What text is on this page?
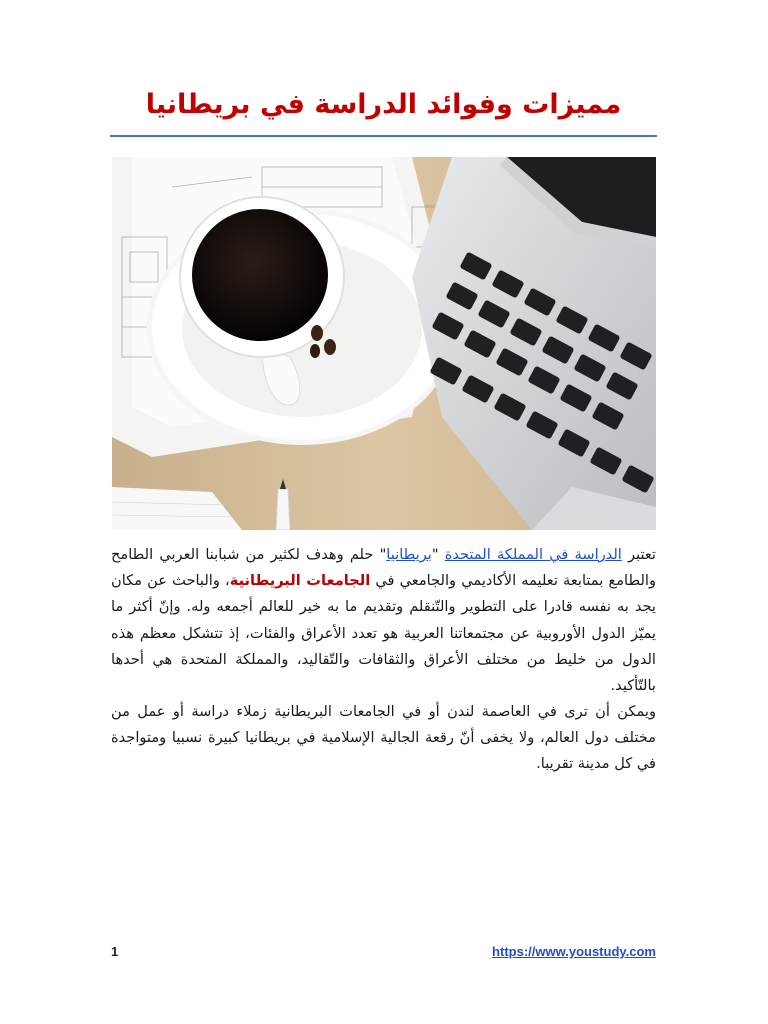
مميزات وفوائد الدراسة في بريطانيا

تعتبر الدراسة في المملكة المتحدة "بريطانيا" حلم وهدف لكثير من شبابنا العربي الطامح والطامع بمتابعة تعليمه الأكاديمي والجامعي في الجامعات البريطانية، والباحث عن مكان يجد به نفسه قادرا على التطوير والتّنقلم وتقديم ما به خير للعالم أجمعه وله. وإنّ أكثر ما يميّز الدول الأوروبية عن مجتمعاتنا العربية هو تعدد الأعراق والفئات، إذ تتشكل معظم هذه الدول من خليط من مختلف الأعراق والثقافات والتّقاليد، والمملكة المتحدة هي أحدها بالتّأكيد.

ويمكن أن ترى في العاصمة لندن أو في الجامعات البريطانية زملاء دراسة أو عمل من مختلف دول العالم، ولا يخفى أنّ رقعة الجالية الإسلامية في بريطانيا كبيرة نسبيا ومتواجدة في كل مدينة تقريبا.

1	https://www.youstudy.com
